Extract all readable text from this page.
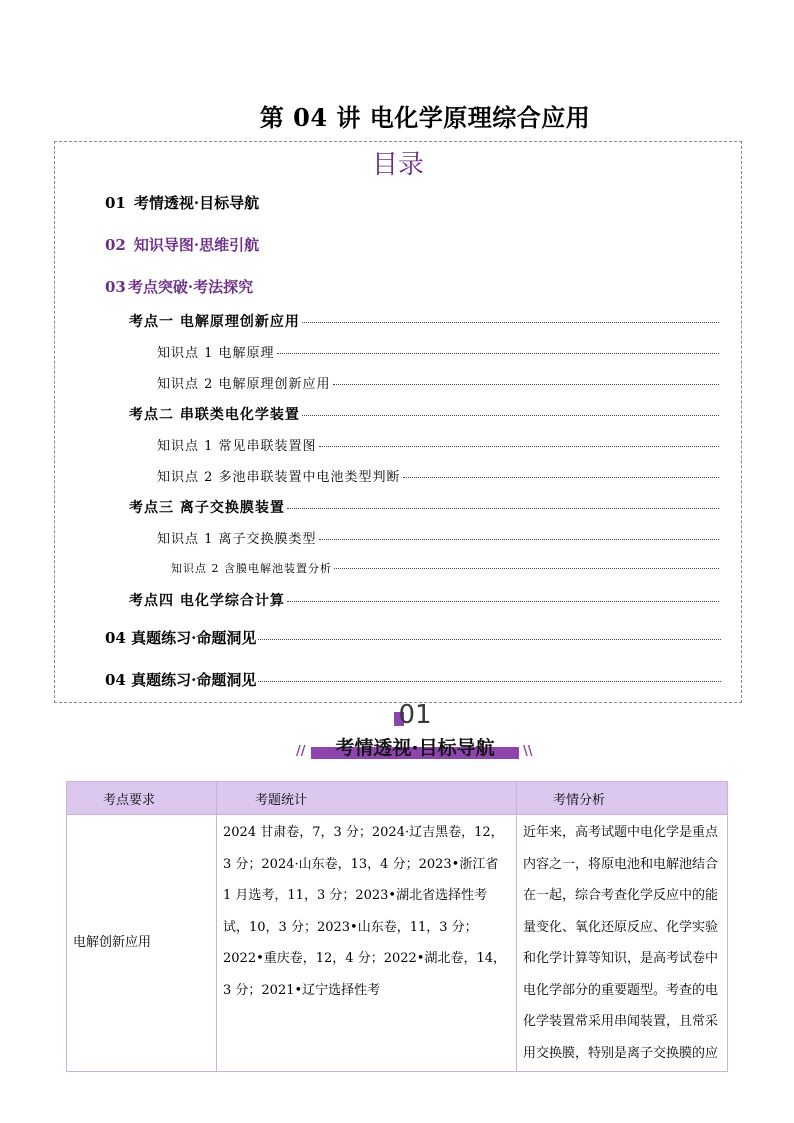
第 04 讲 电化学原理综合应用
目录
01 考情透视·目标导航
02 知识导图·思维引航
03 考点突破·考法探究
考点一 电解原理创新应用
知识点 1 电解原理
知识点 2 电解原理创新应用
考点二 串联类电化学装置
知识点 1 常见串联装置图
知识点 2 多池串联装置中电池类型判断
考点三 离子交换膜装置
知识点 1 离子交换膜类型
知识点 2 含膜电解池装置分析
考点四 电化学综合计算
04 真题练习·命题洞见
04 真题练习·命题洞见
01
//	考情透视·目标导航	\\
考点要求	考题统计	考情分析
电解创新应用	2024 甘肃卷，7，3 分；2024·辽吉黑卷，12，3 分；2024·山东卷，13，4 分；2023•浙江省 1 月选考，11，3 分；2023•湖北省选择性考试，10，3 分；2023•山东卷，11，3 分；2022•重庆卷，12，4 分；2022•湖北卷，14，3 分；2021•辽宁选择性考	近年来，高考试题中电化学是重点内容之一，将原电池和电解池结合在一起，综合考查化学反应中的能量变化、氧化还原反应、化学实验和化学计算等知识，是高考试卷中电化学部分的重要题型。考查的电化学装置常采用串闻装置，且常采用交换膜，特别是离子交换膜的应
